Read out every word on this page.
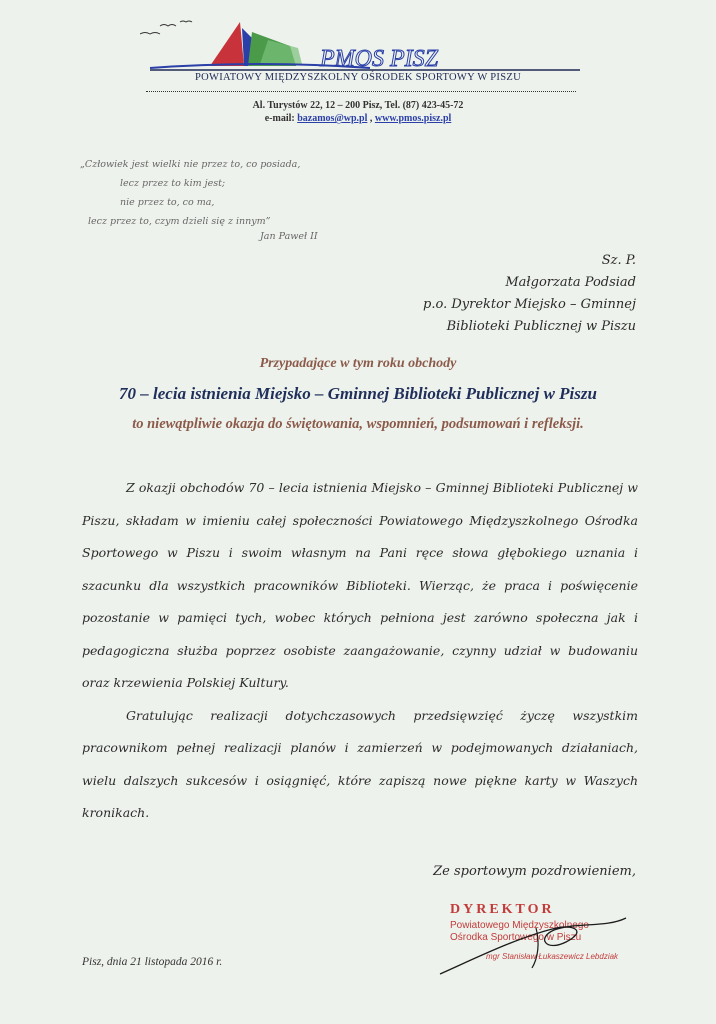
PMOS PISZ
POWIATOWY MIĘDZYSZKOLNY OŚRODEK SPORTOWY W PISZU
Al. Turystów 22, 12 – 200 Pisz, Tel. (87) 423-45-72
e-mail: bazamos@wp.pl , www.pmos.pisz.pl
„Człowiek jest wielki nie przez to, co posiada,
lecz przez to kim jest;
nie przez to, co ma,
lecz przez to, czym dzieli się z innym”
Jan Paweł II
Sz. P.
Małgorzata Podsiad
p.o. Dyrektor Miejsko – Gminnej
Biblioteki Publicznej w Piszu
Przypadające w tym roku obchody
70 – lecia istnienia Miejsko – Gminnej Biblioteki Publicznej w Piszu
to niewątpliwie okazja do świętowania, wspomnień, podsumowań i refleksji.

Z okazji obchodów 70 – lecia istnienia Miejsko – Gminnej Biblioteki Publicznej w Piszu, składam w imieniu całej społeczności Powiatowego Międzyszkolnego Ośrodka Sportowego w Piszu i swoim własnym na Pani ręce słowa głębokiego uznania i szacunku dla wszystkich pracowników Biblioteki. Wierząc, że praca i poświęcenie pozostanie w pamięci tych, wobec których pełniona jest zarówno społeczna jak i pedagogiczna służba poprzez osobiste zaangażowanie, czynny udział w budowaniu oraz krzewienia Polskiej Kultury.

Gratulując realizacji dotychczasowych przedsięwzięć życzę wszystkim pracownikom pełnej realizacji planów i zamierzeń w podejmowanych działaniach, wielu dalszych sukcesów i osiągnięć, które zapiszą nowe piękne karty w Waszych kronikach.

Ze sportowym pozdrowieniem,
DYREKTOR
Powiatowego Międzyszkolnego
Ośrodka Sportowego w Piszu
mgr Stanisław Łukaszewicz Lebdziak
Pisz, dnia 21 listopada 2016 r.
